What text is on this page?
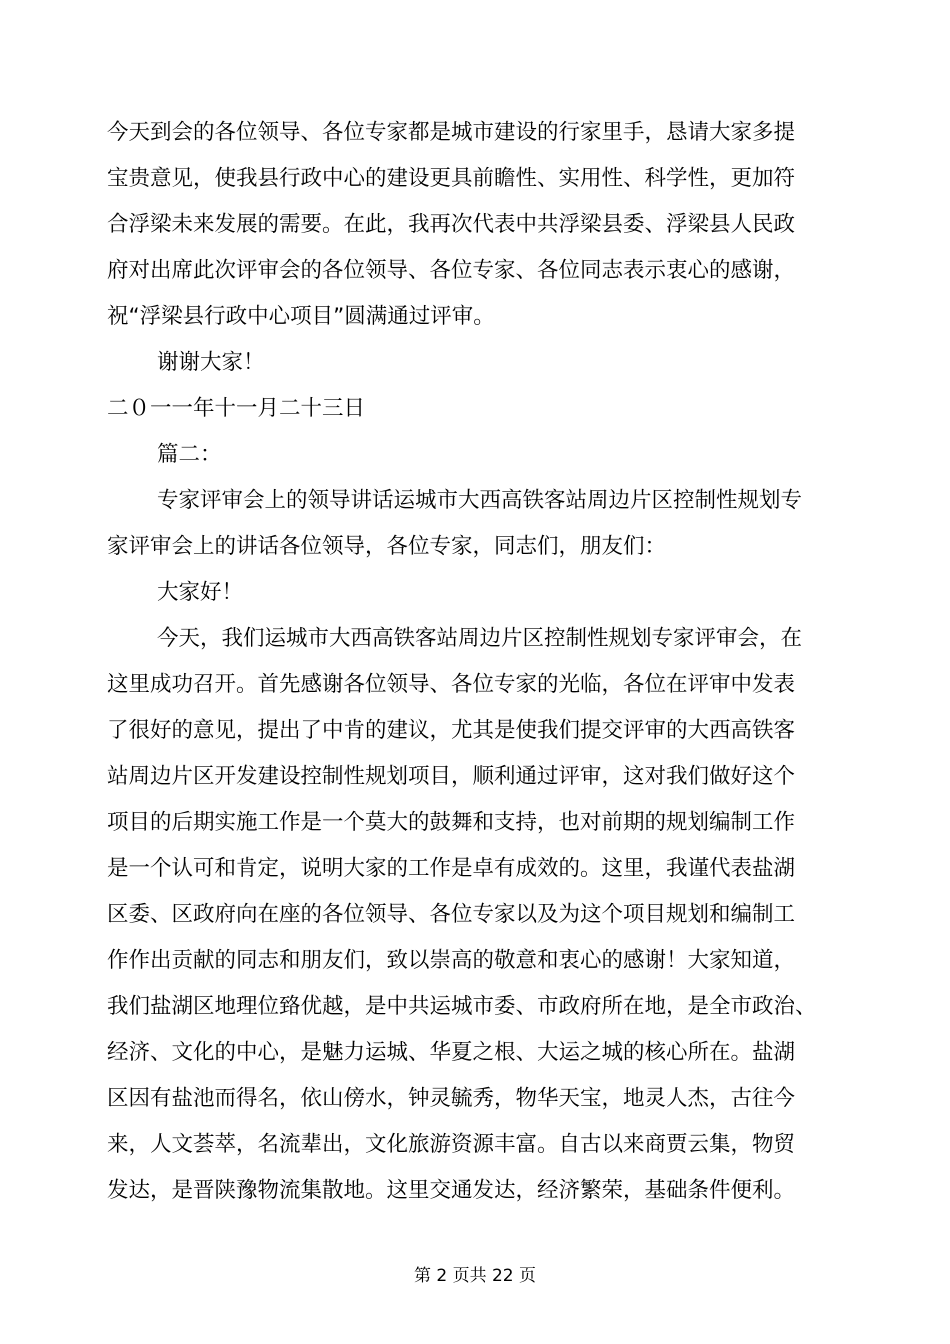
今天到会的各位领导、各位专家都是城市建设的行家里手，恳请大家多提
宝贵意见，使我县行政中心的建设更具前瞻性、实用性、科学性，更加符
合浮梁未来发展的需要。在此，我再次代表中共浮梁县委、浮梁县人民政
府对出席此次评审会的各位领导、各位专家、各位同志表示衷心的感谢，
祝“浮梁县行政中心项目”圆满通过评审。
谢谢大家！
二０一一年十一月二十三日
篇二：
专家评审会上的领导讲话运城市大西高铁客站周边片区控制性规划专
家评审会上的讲话各位领导，各位专家，同志们，朋友们：
大家好！
今天，我们运城市大西高铁客站周边片区控制性规划专家评审会，在
这里成功召开。首先感谢各位领导、各位专家的光临，各位在评审中发表
了很好的意见，提出了中肯的建议，尤其是使我们提交评审的大西高铁客
站周边片区开发建设控制性规划项目，顺利通过评审，这对我们做好这个
项目的后期实施工作是一个莫大的鼓舞和支持，也对前期的规划编制工作
是一个认可和肯定，说明大家的工作是卓有成效的。这里，我谨代表盐湖
区委、区政府向在座的各位领导、各位专家以及为这个项目规划和编制工
作作出贡献的同志和朋友们，致以崇高的敬意和衷心的感谢！大家知道，
我们盐湖区地理位臵优越，是中共运城市委、市政府所在地，是全市政治、
经济、文化的中心，是魅力运城、华夏之根、大运之城的核心所在。盐湖
区因有盐池而得名，依山傍水，钟灵毓秀，物华天宝，地灵人杰，古往今
来，人文荟萃，名流辈出，文化旅游资源丰富。自古以来商贾云集，物贸
发达，是晋陕豫物流集散地。这里交通发达，经济繁荣，基础条件便利。
第 2 页共 22 页
